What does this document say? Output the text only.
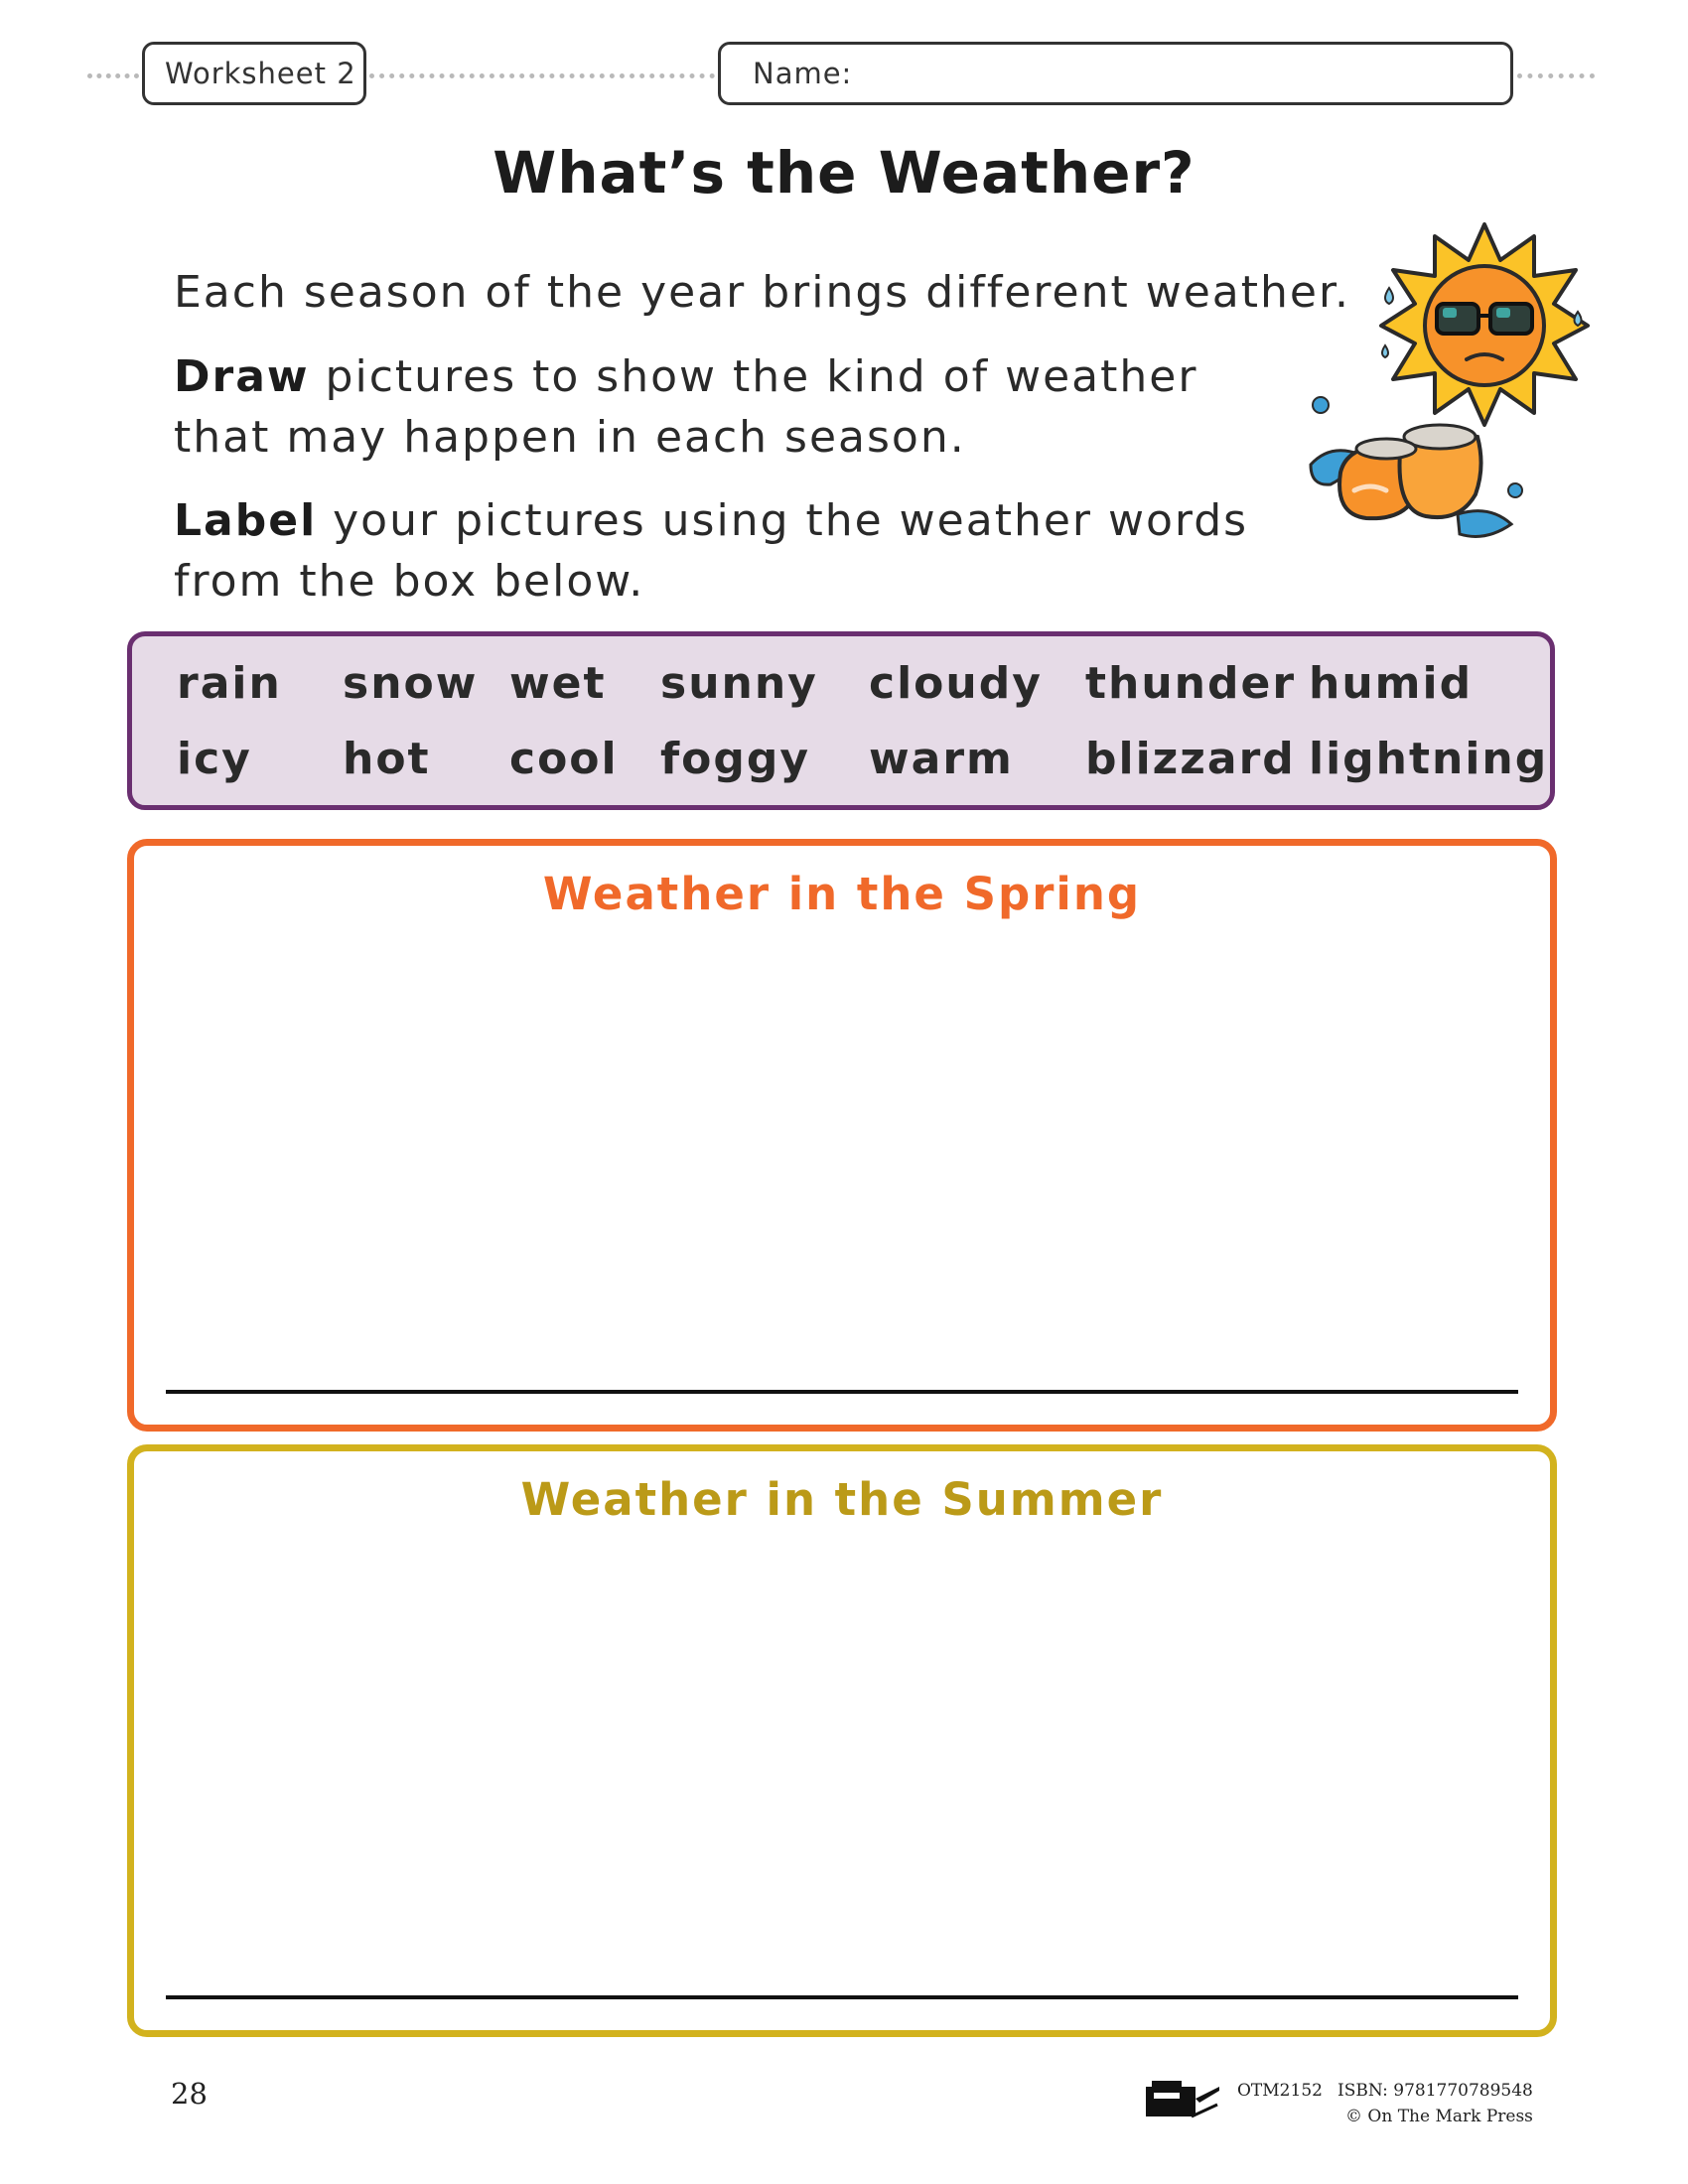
Worksheet 2	Name:
What’s the Weather?
Each season of the year brings different weather.
Draw pictures to show the kind of weather
that may happen in each season.
Label your pictures using the weather words
from the box below.
rain snow wet sunny cloudy thunder humid
icy hot cool foggy warm blizzard lightning
Weather in the Spring
Weather in the Summer
28	OTM2152 ISBN: 9781770789548
© On The Mark Press
